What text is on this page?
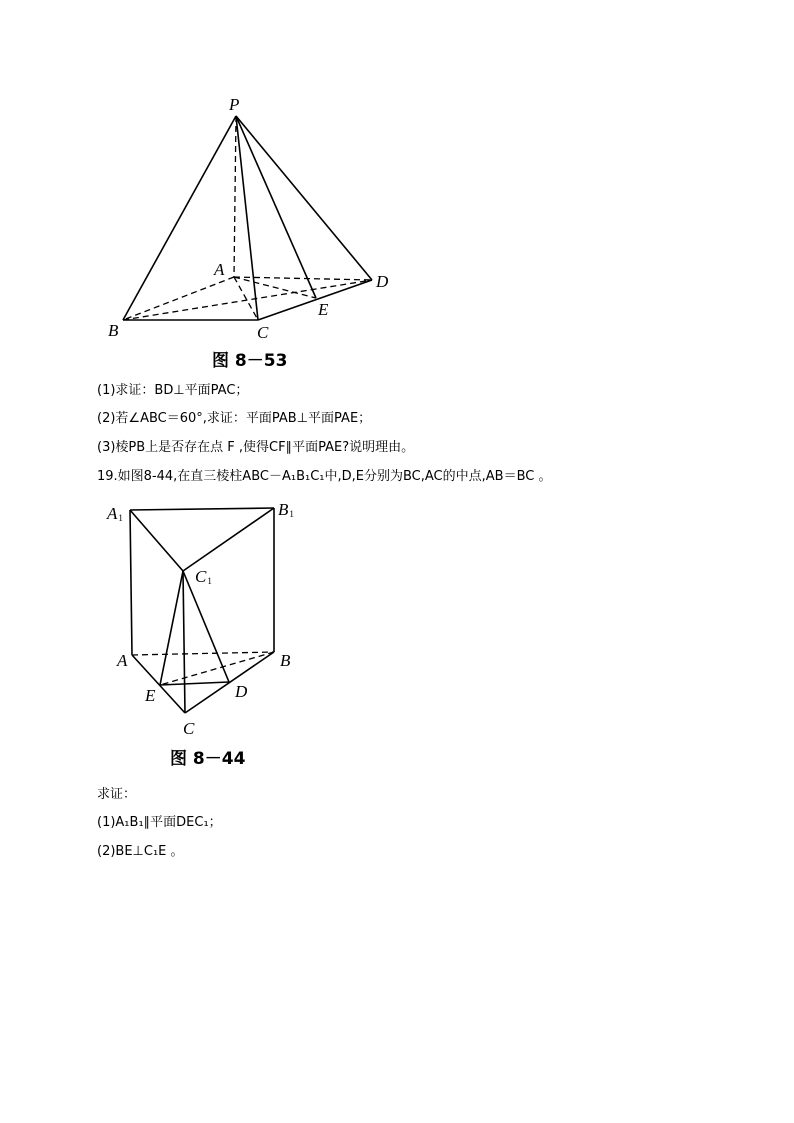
P
A
B	C
D
E
图 8－53
(1)求证：BD⊥平面PAC；
(2)若∠ABC＝60°,求证：平面PAB⊥平面PAE；
(3)棱PB上是否存在点 F ,使得CF∥平面PAE?说明理由。
19.如图8-44,在直三棱柱ABC－A₁B₁C₁中,D,E分别为BC,AC的中点,AB＝BC 。
A1	B1
C1
A	B
C
D
E
图 8－44
求证：
(1)A₁B₁∥平面DEC₁；
(2)BE⊥C₁E 。
